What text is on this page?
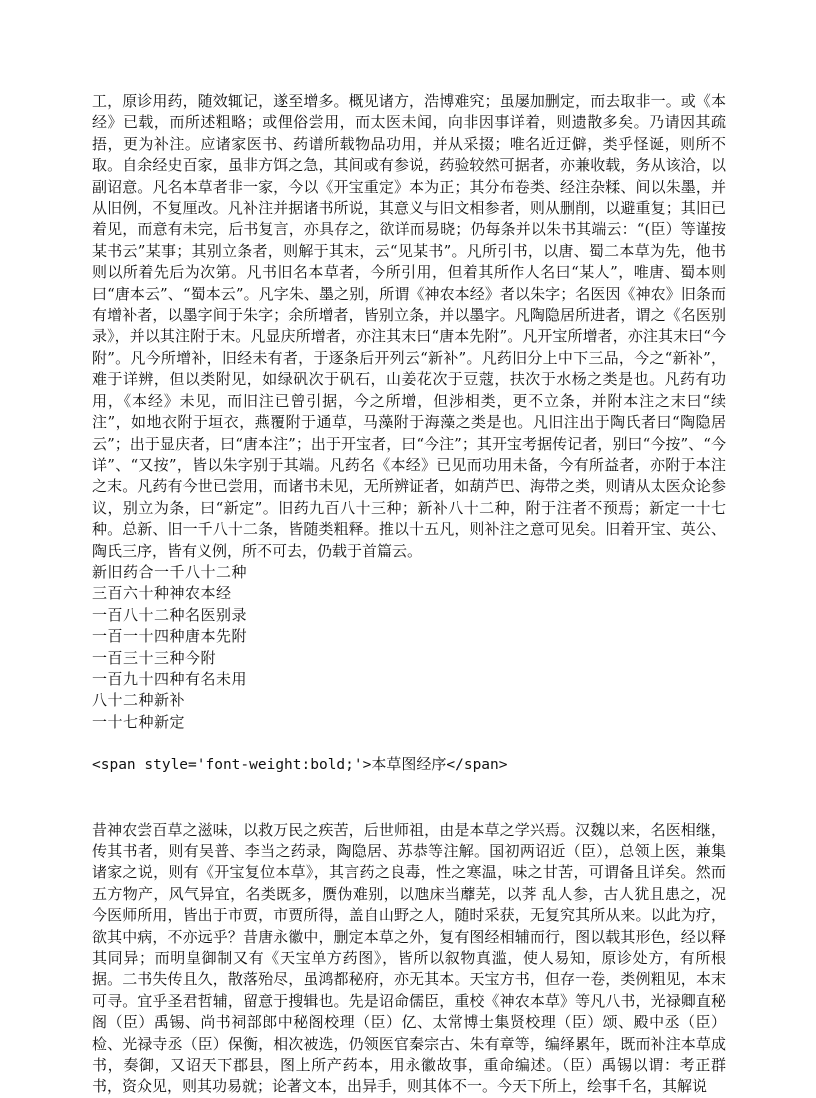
工，原诊用药，随效辄记，遂至增多。概见诸方，浩博难究；虽屡加删定，而去取非一。或《本经》已载，而所述粗略；或俚俗尝用，而太医未闻，向非因事详着，则遗散多矣。乃请因其疏捂，更为补注。应诸家医书、药谱所载物品功用，并从采掇；唯名近迂僻，类乎怪诞，则所不取。自余经史百家，虽非方饵之急，其间或有参说，药验较然可据者，亦兼收载，务从该洽，以副诏意。凡名本草者非一家，今以《开宝重定》本为正；其分布卷类、经注杂糅、间以朱墨，并从旧例，不复厘改。凡补注并据诸书所说，其意义与旧文相参者，则从删削，以避重复；其旧已着见，而意有未完，后书复言，亦具存之，欲详而易晓；仍每条并以朱书其端云：“(臣）等谨按某书云”某事；其别立条者，则解于其末，云“见某书”。凡所引书，以唐、蜀二本草为先，他书则以所着先后为次第。凡书旧名本草者，今所引用，但着其所作人名曰“某人”，唯唐、蜀本则曰“唐本云”、“蜀本云”。凡字朱、墨之别，所谓《神农本经》者以朱字；名医因《神农》旧条而有增补者，以墨字间于朱字；余所增者，皆别立条，并以墨字。凡陶隐居所进者，谓之《名医别录》，并以其注附于末。凡显庆所增者，亦注其末曰“唐本先附”。凡开宝所增者，亦注其末曰“今附”。凡今所增补，旧经未有者，于逐条后开列云“新补”。凡药旧分上中下三品，今之“新补”，难于详辨，但以类附见，如绿矾次于矾石，山姜花次于豆蔻，扶次于水杨之类是也。凡药有功用，《本经》未见，而旧注已曾引据，今之所增，但涉相类，更不立条，并附本注之末曰“续注”，如地衣附于垣衣，燕覆附于通草，马藻附于海藻之类是也。凡旧注出于陶氏者曰“陶隐居云”；出于显庆者，曰“唐本注”；出于开宝者，曰“今注”；其开宝考据传记者，别曰“今按”、“今详”、“又按”，皆以朱字别于其端。凡药名《本经》已见而功用未备，今有所益者，亦附于本注之末。凡药有今世已尝用，而诸书未见，无所辨证者，如葫芦巴、海带之类，则请从太医众论参议，别立为条，曰“新定”。旧药九百八十三种；新补八十二种，附于注者不预焉；新定一十七种。总新、旧一千八十二条，皆随类粗释。推以十五凡，则补注之意可见矣。旧着开宝、英公、陶氏三序，皆有义例，所不可去，仍载于首篇云。

新旧药合一千八十二种
三百六十种神农本经
一百八十二种名医别录
一百一十四种唐本先附
一百三十三种今附
一百九十四种有名未用
八十二种新补
一十七种新定
<span style='font-weight:bold;'>本草图经序</span>

昔神农尝百草之滋味，以救万民之疾苦，后世师祖，由是本草之学兴焉。汉魏以来，名医相继，传其书者，则有吴普、李当之药录，陶隐居、苏恭等注解。国初两诏近（臣），总领上医，兼集诸家之说，则有《开宝复位本草》，其言药之良毒，性之寒温，味之甘苦，可谓备且详矣。然而五方物产，风气异宜，名类既多，赝伪难别，以虺床当蘼芜，以荠 乱人参，古人犹且患之，况今医师所用，皆出于市贾，市贾所得，盖自山野之人，随时采获，无复究其所从来。以此为疗，欲其中病，不亦远乎？昔唐永徽中，删定本草之外，复有图经相辅而行，图以载其形色，经以释其同异；而明皇御制又有《天宝单方药图》，皆所以叙物真滥，使人易知，原诊处方，有所根据。二书失传且久，散落殆尽，虽鸿都秘府，亦无其本。天宝方书，但存一卷，类例粗见，本末可寻。宜乎圣君哲辅，留意于搜辑也。先是诏命儒臣，重校《神农本草》等凡八书，光禄卿直秘阁（臣）禹锡、尚书祠部郎中秘阁校理（臣）亿、太常博士集贤校理（臣）颂、殿中丞（臣）检、光禄寺丞（臣）保衡，相次被选，仍领医官秦宗古、朱有章等，编绎累年，既而补注本草成书，奏御，又诏天下郡县，图上所产药本，用永徽故事，重命编述。（臣）禹锡以谓：考正群书，资众见，则其功易就；论著文本，出异手，则其体不一。今天下所上，绘事千名，其解说
